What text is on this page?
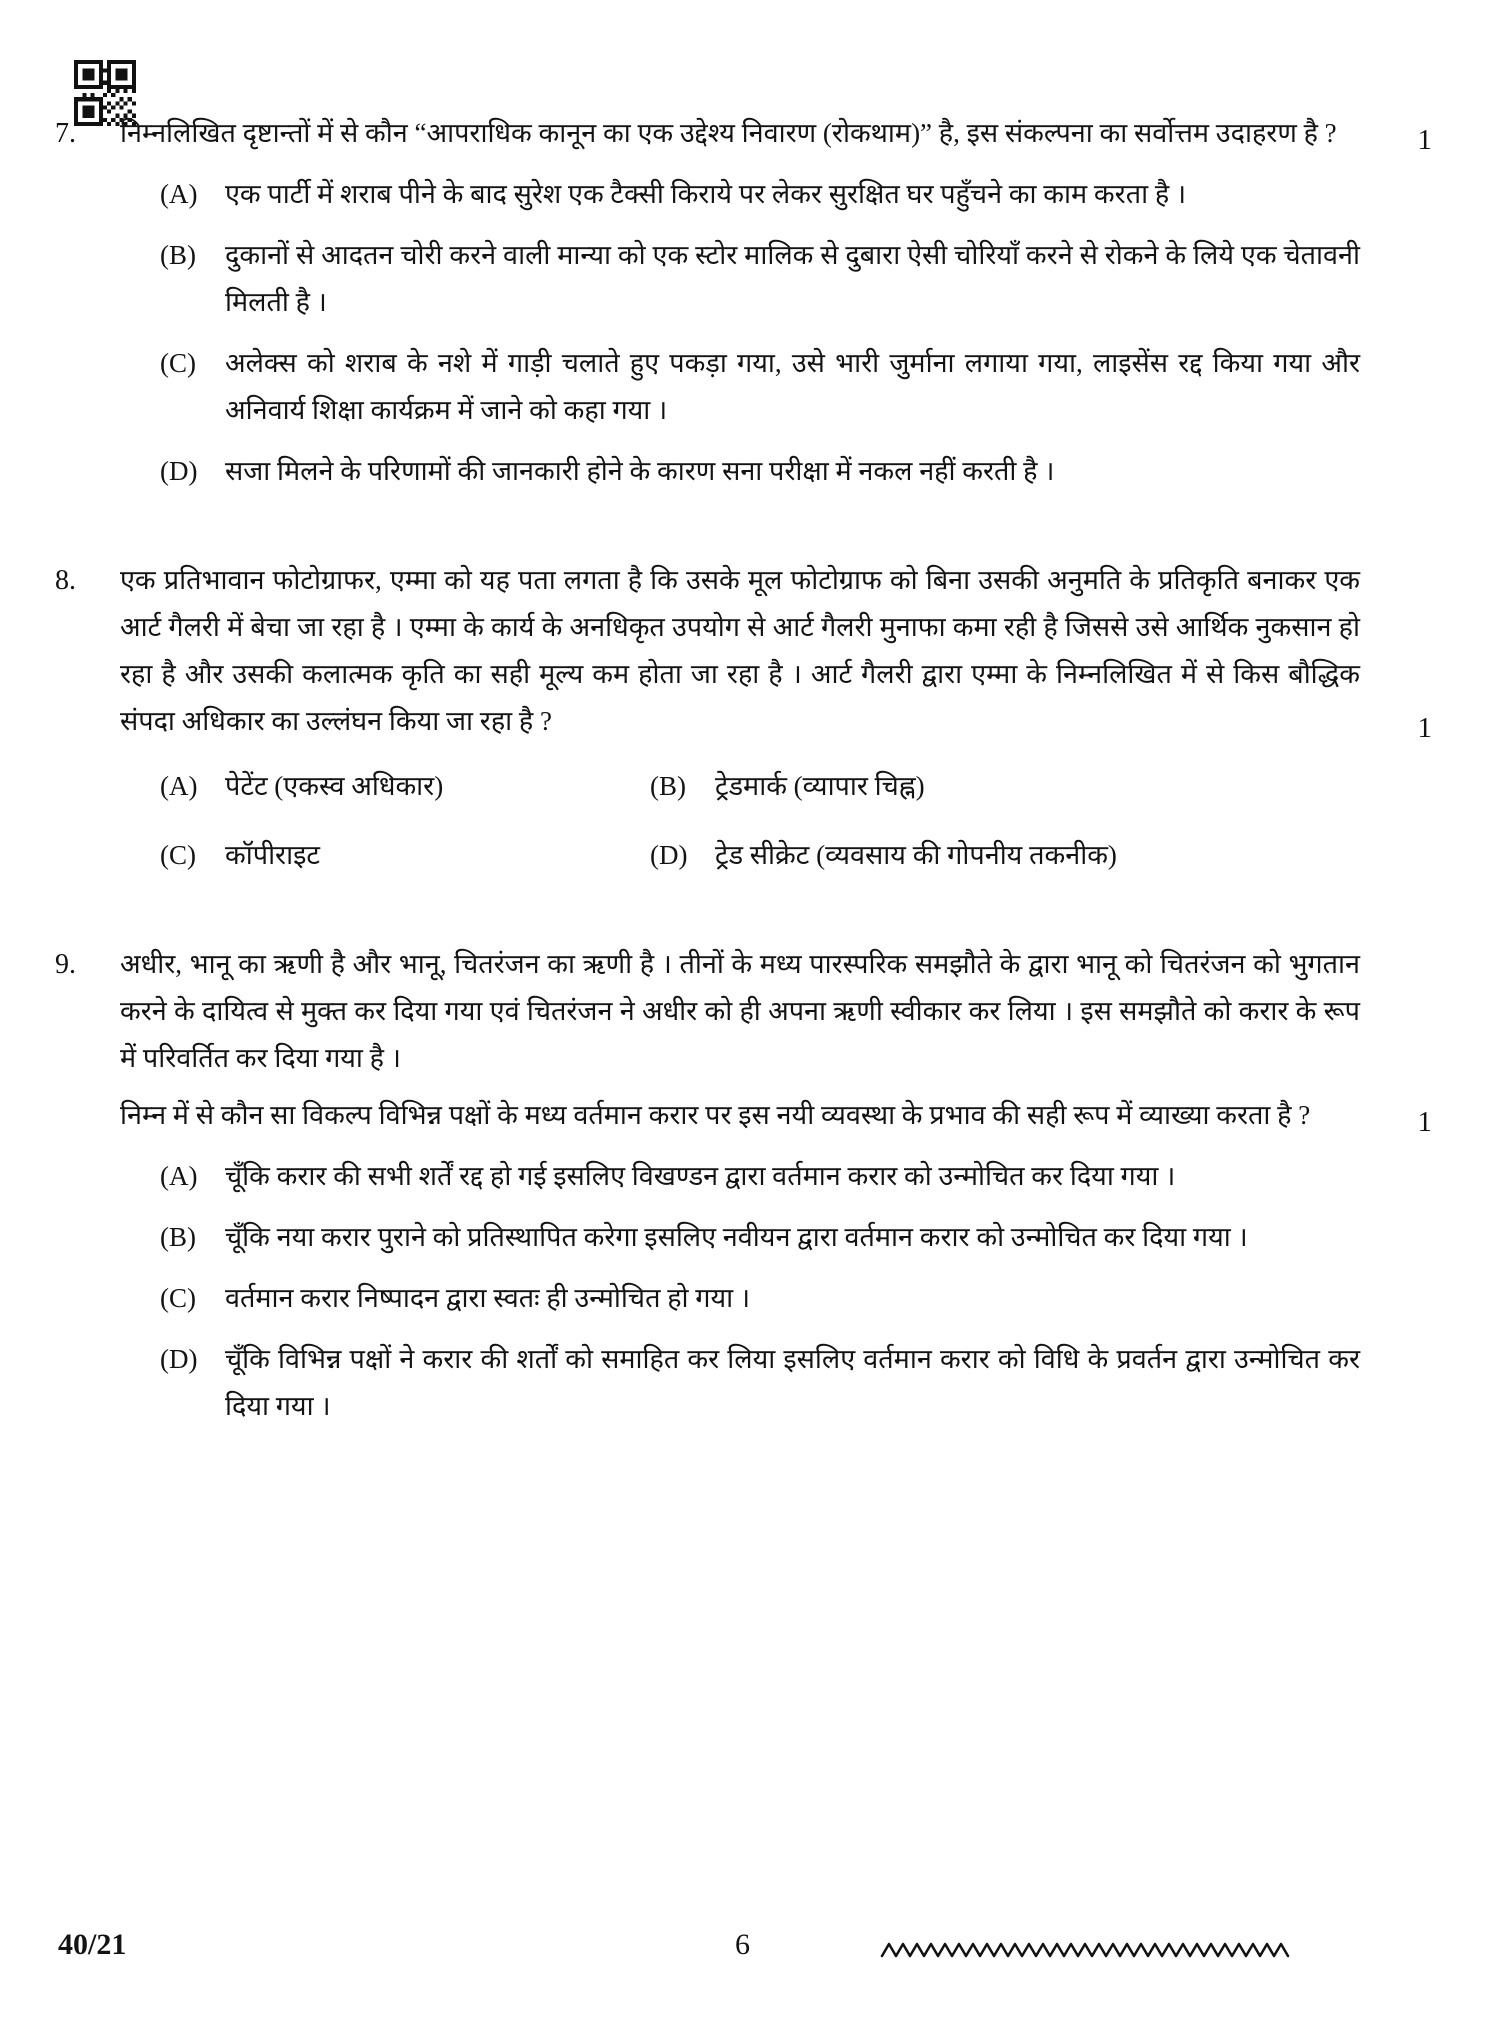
7.	निम्नलिखित दृष्टान्तों में से कौन “आपराधिक कानून का एक उद्देश्य निवारण (रोकथाम)” है, इस संकल्पना का सर्वोत्तम उदाहरण है ?	1
(A)	एक पार्टी में शराब पीने के बाद सुरेश एक टैक्सी किराये पर लेकर सुरक्षित घर पहुँचने का काम करता है ।
(B)	दुकानों से आदतन चोरी करने वाली मान्या को एक स्टोर मालिक से दुबारा ऐसी चोरियाँ करने से रोकने के लिये एक चेतावनी मिलती है ।
(C)	अलेक्स को शराब के नशे में गाड़ी चलाते हुए पकड़ा गया, उसे भारी जुर्माना लगाया गया, लाइसेंस रद्द किया गया और अनिवार्य शिक्षा कार्यक्रम में जाने को कहा गया ।
(D)	सजा मिलने के परिणामों की जानकारी होने के कारण सना परीक्षा में नकल नहीं करती है ।
8.	एक प्रतिभावान फोटोग्राफर, एम्मा को यह पता लगता है कि उसके मूल फोटोग्राफ को बिना उसकी अनुमति के प्रतिकृति बनाकर एक आर्ट गैलरी में बेचा जा रहा है । एम्मा के कार्य के अनधिकृत उपयोग से आर्ट गैलरी मुनाफा कमा रही है जिससे उसे आर्थिक नुकसान हो रहा है और उसकी कलात्मक कृति का सही मूल्य कम होता जा रहा है । आर्ट गैलरी द्वारा एम्मा के निम्नलिखित में से किस बौद्धिक संपदा अधिकार का उल्लंघन किया जा रहा है ?	1
(A)	पेटेंट (एकस्व अधिकार)	(B)	ट्रेडमार्क (व्यापार चिह्न)
(C)	कॉपीराइट	(D)	ट्रेड सीक्रेट (व्यवसाय की गोपनीय तकनीक)
9.	अधीर, भानू का ऋणी है और भानू, चितरंजन का ऋणी है । तीनों के मध्य पारस्परिक समझौते के द्वारा भानू को चितरंजन को भुगतान करने के दायित्व से मुक्त कर दिया गया एवं चितरंजन ने अधीर को ही अपना ऋणी स्वीकार कर लिया । इस समझौते को करार के रूप में परिवर्तित कर दिया गया है ।
निम्न में से कौन सा विकल्प विभिन्न पक्षों के मध्य वर्तमान करार पर इस नयी व्यवस्था के प्रभाव की सही रूप में व्याख्या करता है ?	1
(A)	चूँकि करार की सभी शर्तें रद्द हो गई इसलिए विखण्डन द्वारा वर्तमान करार को उन्मोचित कर दिया गया ।
(B)	चूँकि नया करार पुराने को प्रतिस्थापित करेगा इसलिए नवीयन द्वारा वर्तमान करार को उन्मोचित कर दिया गया ।
(C)	वर्तमान करार निष्पादन द्वारा स्वतः ही उन्मोचित हो गया ।
(D)	चूँकि विभिन्न पक्षों ने करार की शर्तों को समाहित कर लिया इसलिए वर्तमान करार को विधि के प्रवर्तन द्वारा उन्मोचित कर दिया गया ।
40/21	6
